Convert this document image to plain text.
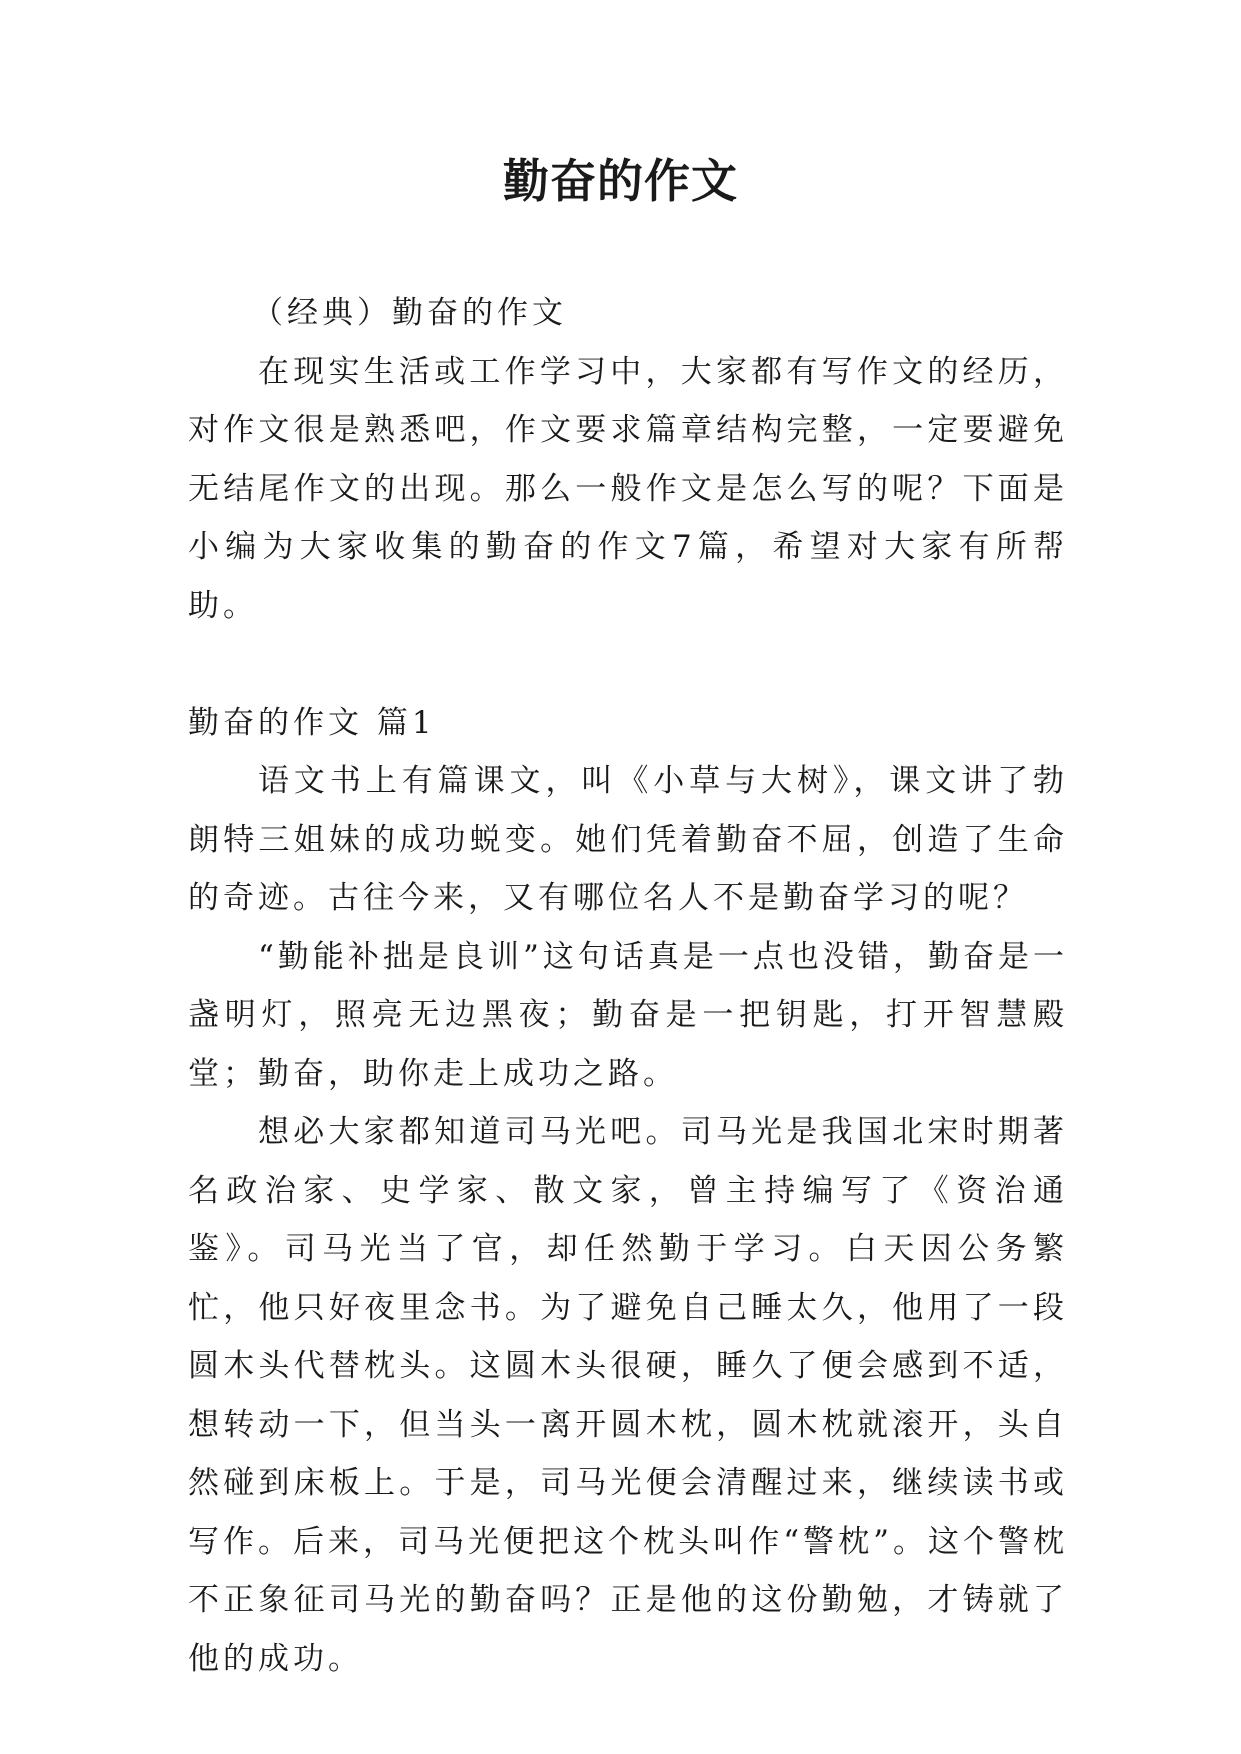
勤奋的作文

（经典）勤奋的作文

在现实生活或工作学习中，大家都有写作文的经历，对作文很是熟悉吧，作文要求篇章结构完整，一定要避免无结尾作文的出现。那么一般作文是怎么写的呢？下面是小编为大家收集的勤奋的作文7篇，希望对大家有所帮助。

勤奋的作文 篇1

语文书上有篇课文，叫《小草与大树》，课文讲了勃朗特三姐妹的成功蜕变。她们凭着勤奋不屈，创造了生命的奇迹。古往今来，又有哪位名人不是勤奋学习的呢？

“勤能补拙是良训”这句话真是一点也没错，勤奋是一盏明灯，照亮无边黑夜；勤奋是一把钥匙，打开智慧殿堂；勤奋，助你走上成功之路。

想必大家都知道司马光吧。司马光是我国北宋时期著名政治家、史学家、散文家，曾主持编写了《资治通鉴》。司马光当了官，却任然勤于学习。白天因公务繁忙，他只好夜里念书。为了避免自己睡太久，他用了一段圆木头代替枕头。这圆木头很硬，睡久了便会感到不适，想转动一下，但当头一离开圆木枕，圆木枕就滚开，头自然碰到床板上。于是，司马光便会清醒过来，继续读书或写作。后来，司马光便把这个枕头叫作“警枕”。这个警枕不正象征司马光的勤奋吗？正是他的这份勤勉，才铸就了他的成功。
